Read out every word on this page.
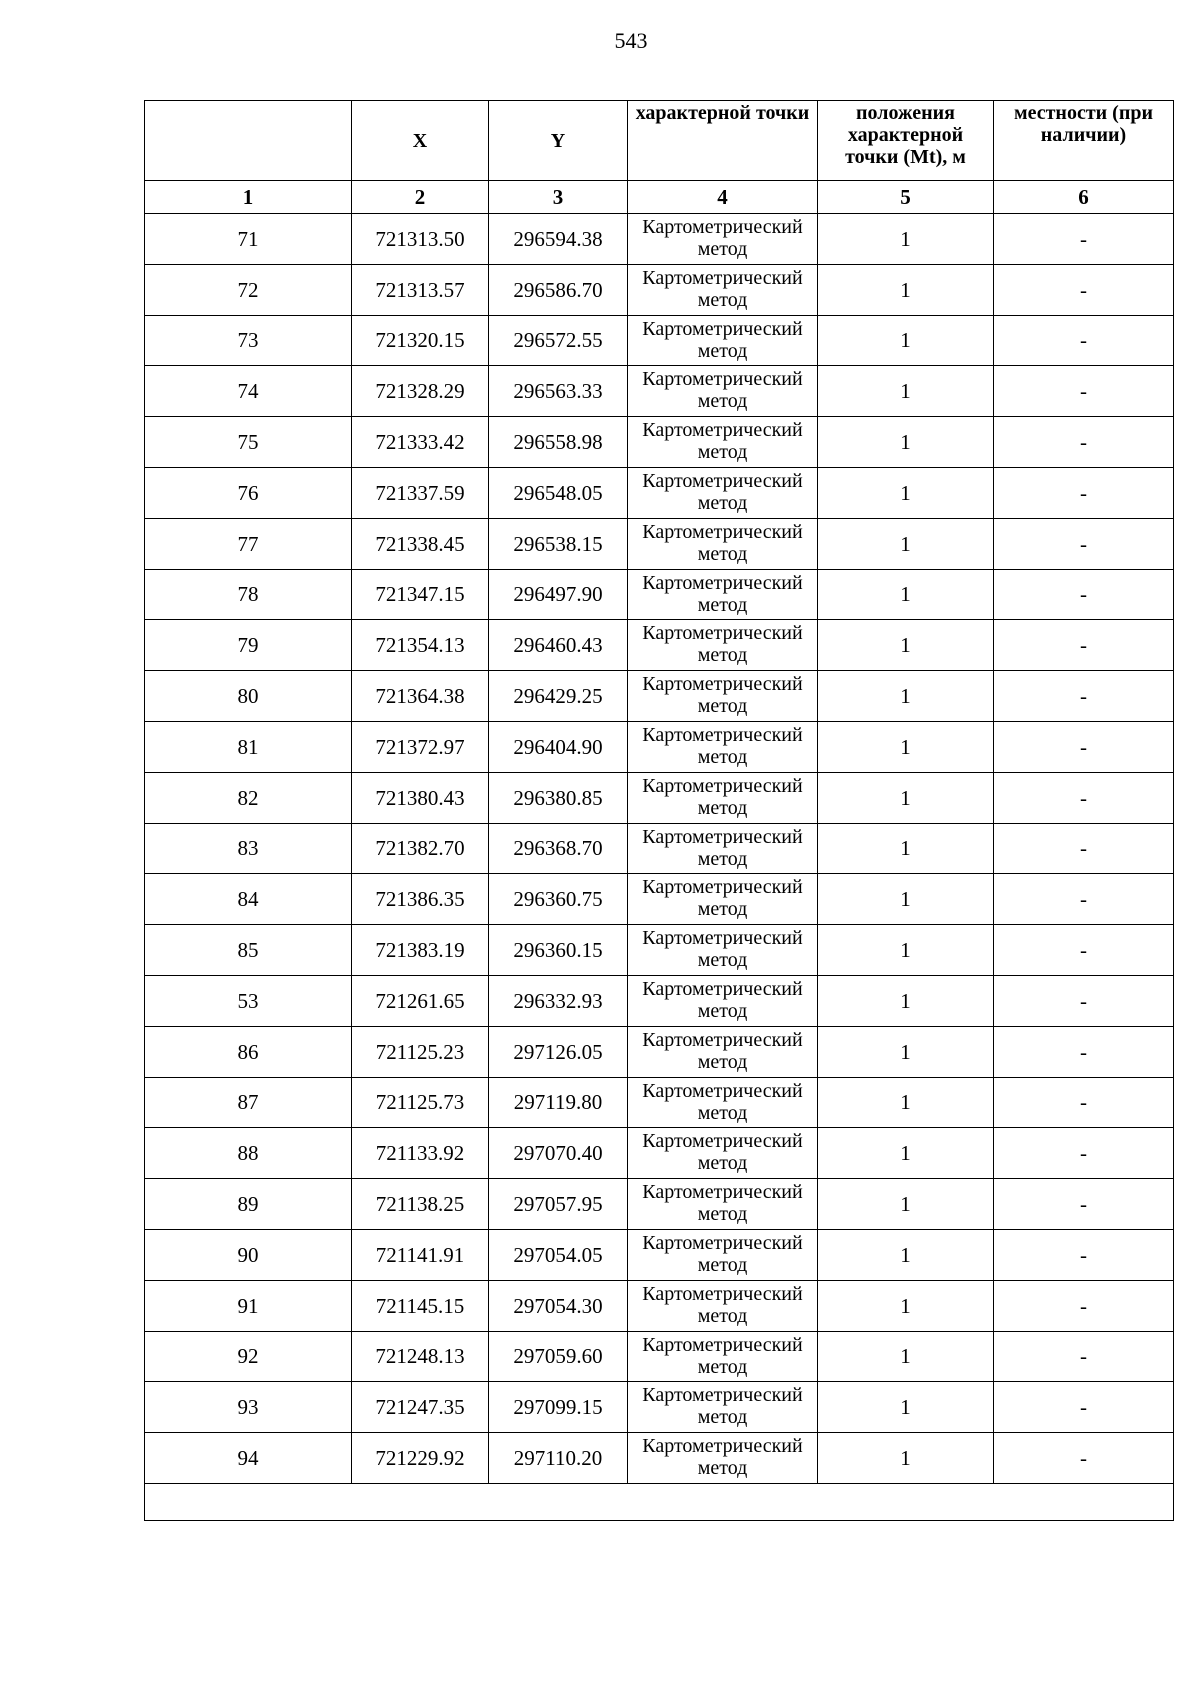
543

	X	Y	характерной точки	положения характерной точки (Mt), м	местности (при наличии)

1	2	3	4	5	6
71	721313.50	296594.38	Картометрический метод	1	-
72	721313.57	296586.70	Картометрический метод	1	-
73	721320.15	296572.55	Картометрический метод	1	-
74	721328.29	296563.33	Картометрический метод	1	-
75	721333.42	296558.98	Картометрический метод	1	-
76	721337.59	296548.05	Картометрический метод	1	-
77	721338.45	296538.15	Картометрический метод	1	-
78	721347.15	296497.90	Картометрический метод	1	-
79	721354.13	296460.43	Картометрический метод	1	-
80	721364.38	296429.25	Картометрический метод	1	-
81	721372.97	296404.90	Картометрический метод	1	-
82	721380.43	296380.85	Картометрический метод	1	-
83	721382.70	296368.70	Картометрический метод	1	-
84	721386.35	296360.75	Картометрический метод	1	-
85	721383.19	296360.15	Картометрический метод	1	-
53	721261.65	296332.93	Картометрический метод	1	-
86	721125.23	297126.05	Картометрический метод	1	-
87	721125.73	297119.80	Картометрический метод	1	-
88	721133.92	297070.40	Картометрический метод	1	-
89	721138.25	297057.95	Картометрический метод	1	-
90	721141.91	297054.05	Картометрический метод	1	-
91	721145.15	297054.30	Картометрический метод	1	-
92	721248.13	297059.60	Картометрический метод	1	-
93	721247.35	297099.15	Картометрический метод	1	-
94	721229.92	297110.20	Картометрический метод	1	-
